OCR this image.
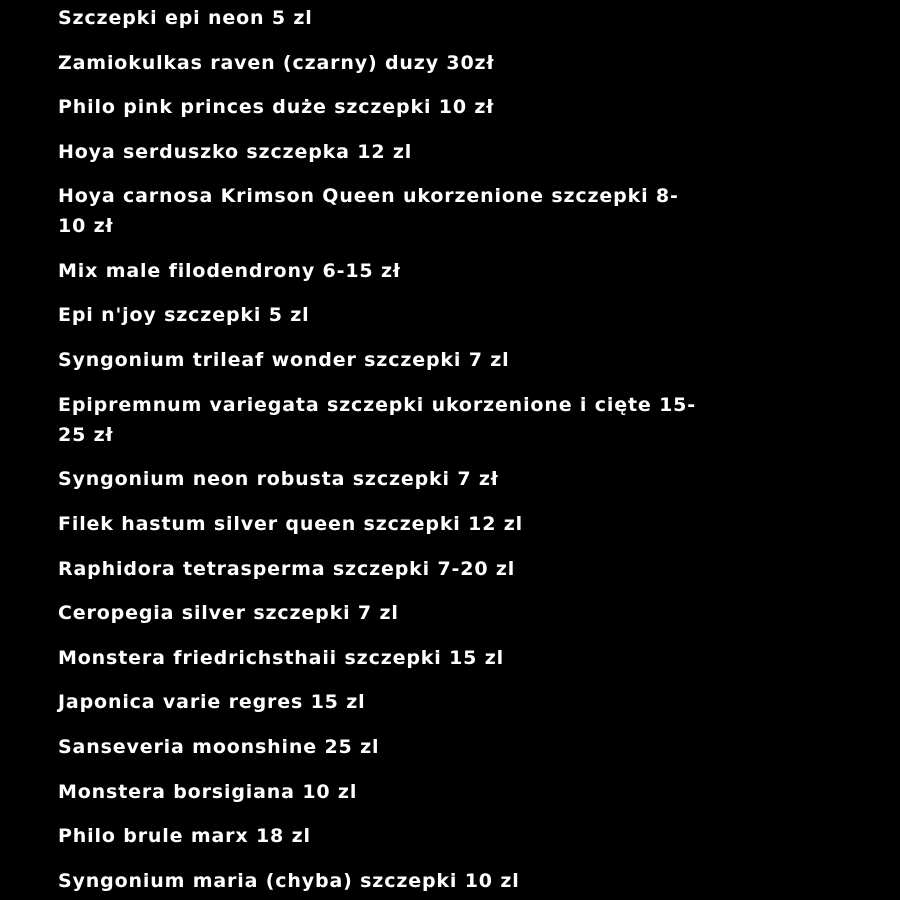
Szczepki epi neon 5 zl
Zamiokulkas raven (czarny) duzy 30zł
Philo pink princes duże szczepki 10 zł
Hoya serduszko szczepka 12 zl
Hoya carnosa Krimson Queen ukorzenione szczepki 8-
10 zł
Mix male filodendrony 6-15 zł
Epi n'joy szczepki 5 zl
Syngonium trileaf wonder szczepki 7 zl
Epipremnum variegata szczepki ukorzenione i cięte 15-
25 zł
Syngonium neon robusta szczepki 7 zł
Filek hastum silver queen szczepki 12 zl
Raphidora tetrasperma szczepki 7-20 zl
Ceropegia silver szczepki 7 zl
Monstera friedrichsthaii szczepki 15 zl
Japonica varie regres 15 zl
Sanseveria moonshine 25 zl
Monstera borsigiana 10 zl
Philo brule marx 18 zl
Syngonium maria (chyba) szczepki 10 zl
